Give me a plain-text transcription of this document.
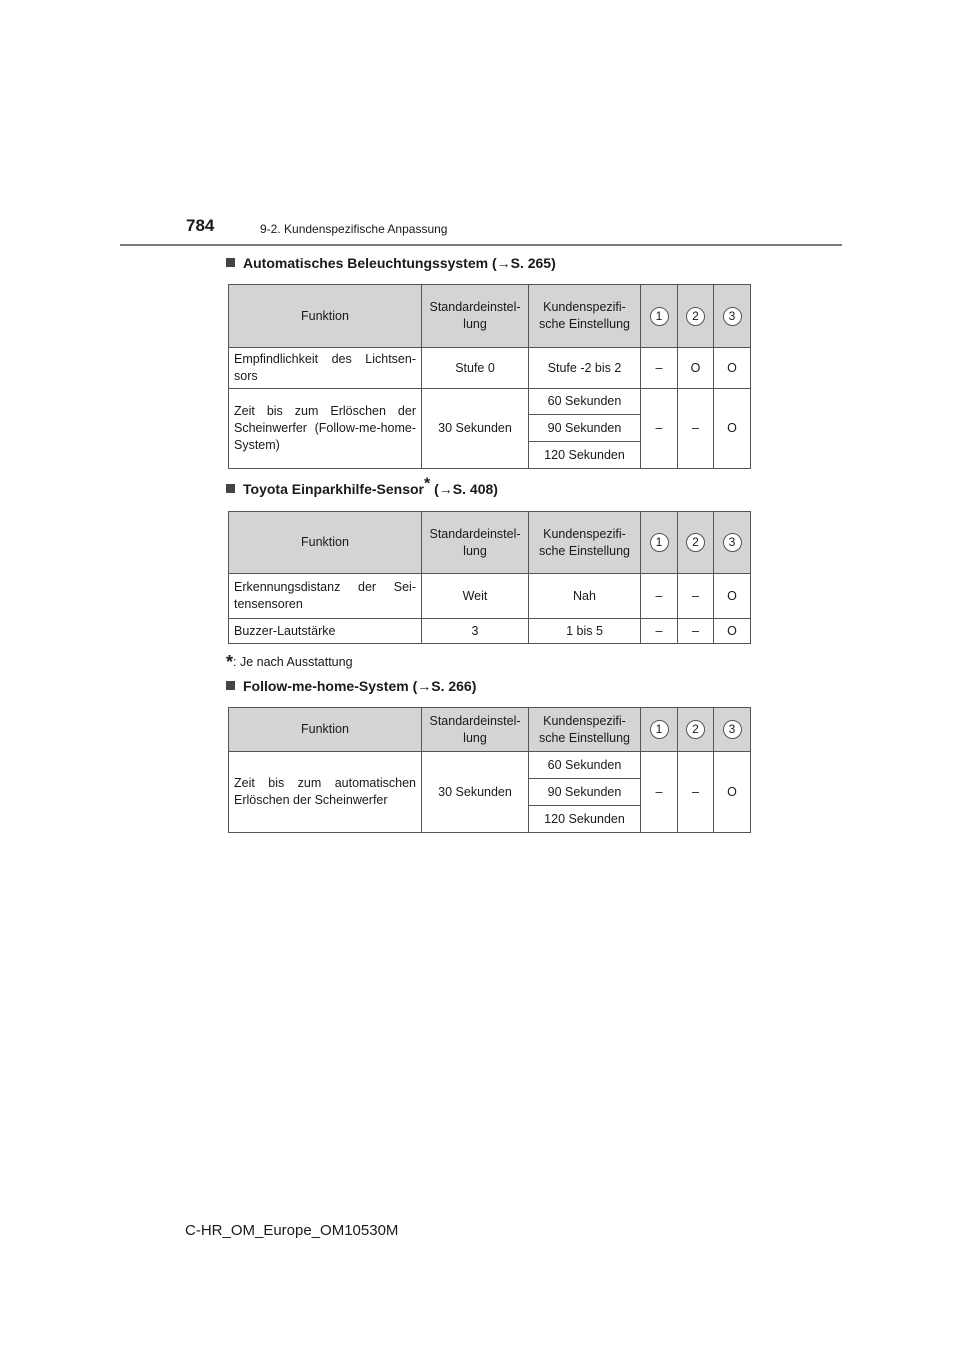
784	9-2. Kundenspezifische Anpassung
Automatisches Beleuchtungssystem (→S. 265)
Funktion	Standardeinstel-lung	Kundenspezifi-sche Einstellung	1	2	3
Empfindlichkeit des Lichtsen-sors	Stufe 0	Stufe -2 bis 2	–	O	O
Zeit bis zum Erlöschen der Scheinwerfer (Follow-me-home-System)	30 Sekunden	60 Sekunden	–	–	O
		90 Sekunden			
		120 Sekunden			
Toyota Einparkhilfe-Sensor* (→S. 408)
Funktion	Standardeinstel-lung	Kundenspezifi-sche Einstellung	1	2	3
Erkennungsdistanz der Sei-tensensoren	Weit	Nah	–	–	O
Buzzer-Lautstärke	3	1 bis 5	–	–	O
*: Je nach Ausstattung
Follow-me-home-System (→S. 266)
Funktion	Standardeinstel-lung	Kundenspezifi-sche Einstellung	1	2	3
Zeit bis zum automatischen Erlöschen der Scheinwerfer	30 Sekunden	60 Sekunden	–	–	O
		90 Sekunden			
		120 Sekunden			
C-HR_OM_Europe_OM10530M
